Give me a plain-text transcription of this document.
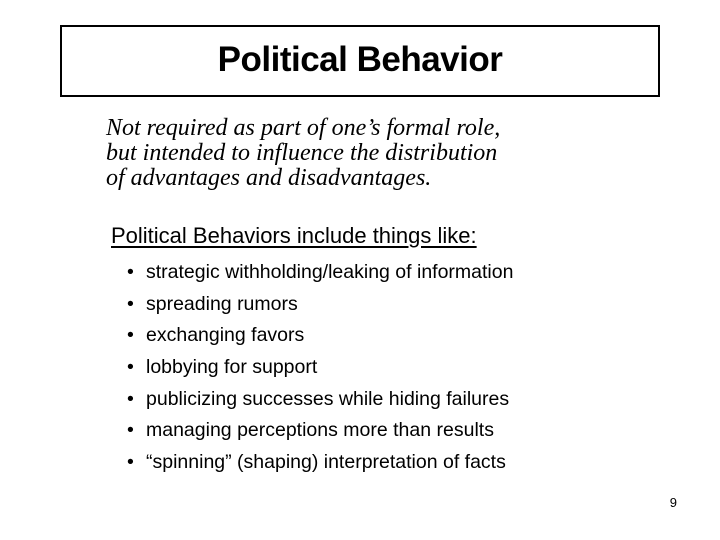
Political Behavior
Not required as part of one’s formal role,
but intended to influence the distribution
of advantages and disadvantages.
Political Behaviors include things like:
• strategic withholding/leaking of information
• spreading rumors
• exchanging favors
• lobbying for support
• publicizing successes while hiding failures
• managing perceptions more than results
• “spinning” (shaping) interpretation of facts
9
